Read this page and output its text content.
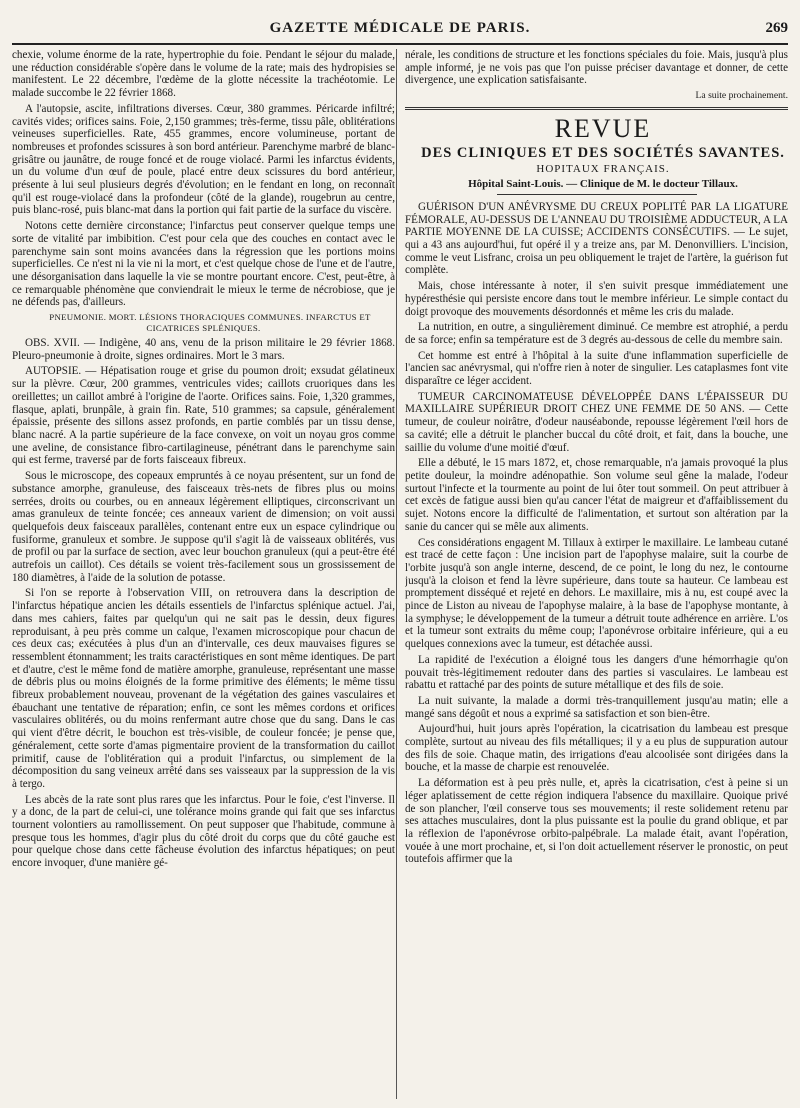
GAZETTE MÉDICALE DE PARIS.	269

chexie, volume énorme de la rate, hypertrophie du foie. Pendant le séjour du malade, une réduction considérable s'opère dans le volume de la rate; mais des hydropisies se manifestent. Le 22 décembre, l'œdème de la glotte nécessite la trachéotomie. Le malade succombe le 22 février 1868.

A l'autopsie, ascite, infiltrations diverses. Cœur, 380 grammes. Péricarde infiltré; cavités vides; orifices sains. Foie, 2,150 grammes; très-ferme, tissu pâle, oblitérations veineuses superficielles. Rate, 455 grammes, encore volumineuse, portant de nombreuses et profondes scissures à son bord antérieur. Parenchyme marbré de blanc-grisâtre ou jaunâtre, de rouge foncé et de rouge violacé. Parmi les infarctus évidents, un du volume d'un œuf de poule, placé entre deux scissures du bord antérieur, présente à lui seul plusieurs degrés d'évolution; en le fendant en long, on reconnaît qu'il est rouge-violacé dans la profondeur (côté de la glande), rougebrun au centre, puis blanc-rosé, puis blanc-mat dans la portion qui fait partie de la surface du viscère.

Notons cette dernière circonstance; l'infarctus peut conserver quelque temps une sorte de vitalité par imbibition. C'est pour cela que des couches en contact avec le parenchyme sain sont moins avancées dans la régression que les portions moins superficielles. Ce n'est ni la vie ni la mort, et c'est quelque chose de l'une et de l'autre, une désorganisation dans laquelle la vie se montre pourtant encore. C'est, peut-être, à ce remarquable phénomène que conviendrait le mieux le terme de nécrobiose, que je ne défends pas, d'ailleurs.

PNEUMONIE. MORT. LÉSIONS THORACIQUES COMMUNES. INFARCTUS ET CICATRICES SPLÉNIQUES.

OBS. XVII. — Indigène, 40 ans, venu de la prison militaire le 29 février 1868. Pleuro-pneumonie à droite, signes ordinaires. Mort le 3 mars.

AUTOPSIE. — Hépatisation rouge et grise du poumon droit; exsudat gélatineux sur la plèvre. Cœur, 200 grammes, ventricules vides; caillots cruoriques dans les oreillettes; un caillot ambré à l'origine de l'aorte. Orifices sains. Foie, 1,320 grammes, flasque, aplati, brunpâle, à grain fin. Rate, 510 grammes; sa capsule, généralement épaissie, présente des sillons assez profonds, en partie comblés par un tissu dense, blanc nacré. A la partie supérieure de la face convexe, on voit un noyau gros comme une aveline, de consistance fibro-cartilagineuse, pénétrant dans le parenchyme sain qui est ferme, traversé par de forts faisceaux fibreux.

Sous le microscope, des copeaux empruntés à ce noyau présentent, sur un fond de substance amorphe, granuleuse, des faisceaux très-nets de fibres plus ou moins serrées, droits ou courbes, ou en anneaux légèrement elliptiques, circonscrivant un amas granuleux de teinte foncée; ces anneaux varient de dimension; on voit aussi quelquefois deux faisceaux parallèles, contenant entre eux un espace cylindrique ou fusiforme, granuleux et sombre. Je suppose qu'il s'agit là de vaisseaux oblitérés, vus de profil ou par la surface de section, avec leur bouchon granuleux (qui a peut-être été autrefois un caillot). Ces détails se voient très-facilement sous un grossissement de 180 diamètres, à l'aide de la solution de potasse.

Si l'on se reporte à l'observation VIII, on retrouvera dans la description de l'infarctus hépatique ancien les détails essentiels de l'infarctus splénique actuel. J'ai, dans mes cahiers, faites par quelqu'un qui ne sait pas le dessin, deux figures reproduisant, à peu près comme un calque, l'examen microscopique pour chacun de ces deux cas; exécutées à plus d'un an d'intervalle, ces deux mauvaises figures se ressemblent étonnamment; les traits caractéristiques en sont même identiques. De part et d'autre, c'est le même fond de matière amorphe, granuleuse, représentant une masse de débris plus ou moins éloignés de la forme primitive des éléments; le même tissu fibreux probablement nouveau, provenant de la végétation des gaines vasculaires et ébauchant une tentative de réparation; enfin, ce sont les mêmes cordons et orifices vasculaires oblitérés, ou du moins renfermant autre chose que du sang. Dans le cas qui vient d'être décrit, le bouchon est très-visible, de couleur foncée; je pense que, généralement, cette sorte d'amas pigmentaire provient de la transformation du caillot primitif, cause de l'oblitération qui a produit l'infarctus, ou simplement de la décomposition du sang veineux arrêté dans ses vaisseaux par la suppression de la vis à tergo.

Les abcès de la rate sont plus rares que les infarctus. Pour le foie, c'est l'inverse. Il y a donc, de la part de celui-ci, une tolérance moins grande qui fait que ses infarctus tournent volontiers au ramollissement. On peut supposer que l'habitude, commune à presque tous les hommes, d'agir plus du côté droit du corps que du côté gauche est pour quelque chose dans cette fâcheuse évolution des infarctus hépatiques; on peut encore invoquer, d'une manière gé-

nérale, les conditions de structure et les fonctions spéciales du foie. Mais, jusqu'à plus ample informé, je ne vois pas que l'on puisse préciser davantage et donner, de cette divergence, une explication satisfaisante.

La suite prochainement.

REVUE

DES CLINIQUES ET DES SOCIÉTÉS SAVANTES.

HOPITAUX FRANÇAIS.

Hôpital Saint-Louis. — Clinique de M. le docteur Tillaux.

GUÉRISON D'UN ANÉVRYSME DU CREUX POPLITÉ PAR LA LIGATURE FÉMORALE, AU-DESSUS DE L'ANNEAU DU TROISIÈME ADDUCTEUR, A LA PARTIE MOYENNE DE LA CUISSE; ACCIDENTS CONSÉCUTIFS. — Le sujet, qui a 43 ans aujourd'hui, fut opéré il y a treize ans, par M. Denonvilliers. L'incision, comme le veut Lisfranc, croisa un peu obliquement le trajet de l'artère, la guérison fut complète.

Mais, chose intéressante à noter, il s'en suivit presque immédiatement une hypéresthésie qui persiste encore dans tout le membre inférieur. Le simple contact du doigt provoque des mouvements désordonnés et même les cris du malade.

La nutrition, en outre, a singulièrement diminué. Ce membre est atrophié, a perdu de sa force; enfin sa température est de 3 degrés au-dessous de celle du membre sain.

Cet homme est entré à l'hôpital à la suite d'une inflammation superficielle de l'ancien sac anévrysmal, qui n'offre rien à noter de singulier. Les cataplasmes font vite disparaître ce léger accident.

TUMEUR CARCINOMATEUSE DÉVELOPPÉE DANS L'ÉPAISSEUR DU MAXILLAIRE SUPÉRIEUR DROIT CHEZ UNE FEMME DE 50 ANS. — Cette tumeur, de couleur noirâtre, d'odeur nauséabonde, repousse légèrement l'œil hors de sa cavité; elle a détruit le plancher buccal du côté droit, et fait, dans la bouche, une saillie du volume d'une moitié d'œuf.

Elle a débuté, le 15 mars 1872, et, chose remarquable, n'a jamais provoqué la plus petite douleur, la moindre adénopathie. Son volume seul gêne la malade, l'odeur surtout l'infecte et la tourmente au point de lui ôter tout sommeil. On peut attribuer à cet excès de fatigue aussi bien qu'au cancer l'état de maigreur et d'affaiblissement du sujet. Notons encore la difficulté de l'alimentation, et surtout son altération par la sanie du cancer qui se mêle aux aliments.

Ces considérations engagent M. Tillaux à extirper le maxillaire. Le lambeau cutané est tracé de cette façon : Une incision part de l'apophyse malaire, suit la courbe de l'orbite jusqu'à son angle interne, descend, de ce point, le long du nez, le contourne jusqu'à la cloison et fend la lèvre supérieure, dans toute sa hauteur. Ce lambeau est promptement disséqué et rejeté en dehors. Le maxillaire, mis à nu, est coupé avec la pince de Liston au niveau de l'apophyse malaire, à la base de l'apophyse montante, à la symphyse; le développement de la tumeur a détruit toute adhérence en arrière. L'os et la tumeur sont extraits du même coup; l'aponévrose orbitaire inférieure, qui a eu quelques connexions avec la tumeur, est détachée aussi.

La rapidité de l'exécution a éloigné tous les dangers d'une hémorrhagie qu'on pouvait très-légitimement redouter dans des parties si vasculaires. Le lambeau est rabattu et rattaché par des points de suture métallique et des fils de soie.

La nuit suivante, la malade a dormi très-tranquillement jusqu'au matin; elle a mangé sans dégoût et nous a exprimé sa satisfaction et son bien-être.

Aujourd'hui, huit jours après l'opération, la cicatrisation du lambeau est presque complète, surtout au niveau des fils métalliques; il y a eu plus de suppuration autour des fils de soie. Chaque matin, des irrigations d'eau alcoolisée sont dirigées dans la bouche, et la masse de charpie est renouvelée.

La déformation est à peu près nulle, et, après la cicatrisation, c'est à peine si un léger aplatissement de cette région indiquera l'absence du maxillaire. Quoique privé de son plancher, l'œil conserve tous ses mouvements; il reste solidement retenu par ses attaches musculaires, dont la plus puissante est la poulie du grand oblique, et par la réflexion de l'aponévrose orbito-palpébrale. La malade était, avant l'opération, vouée à une mort prochaine, et, si l'on doit actuellement réserver le pronostic, on peut toutefois affirmer que la
